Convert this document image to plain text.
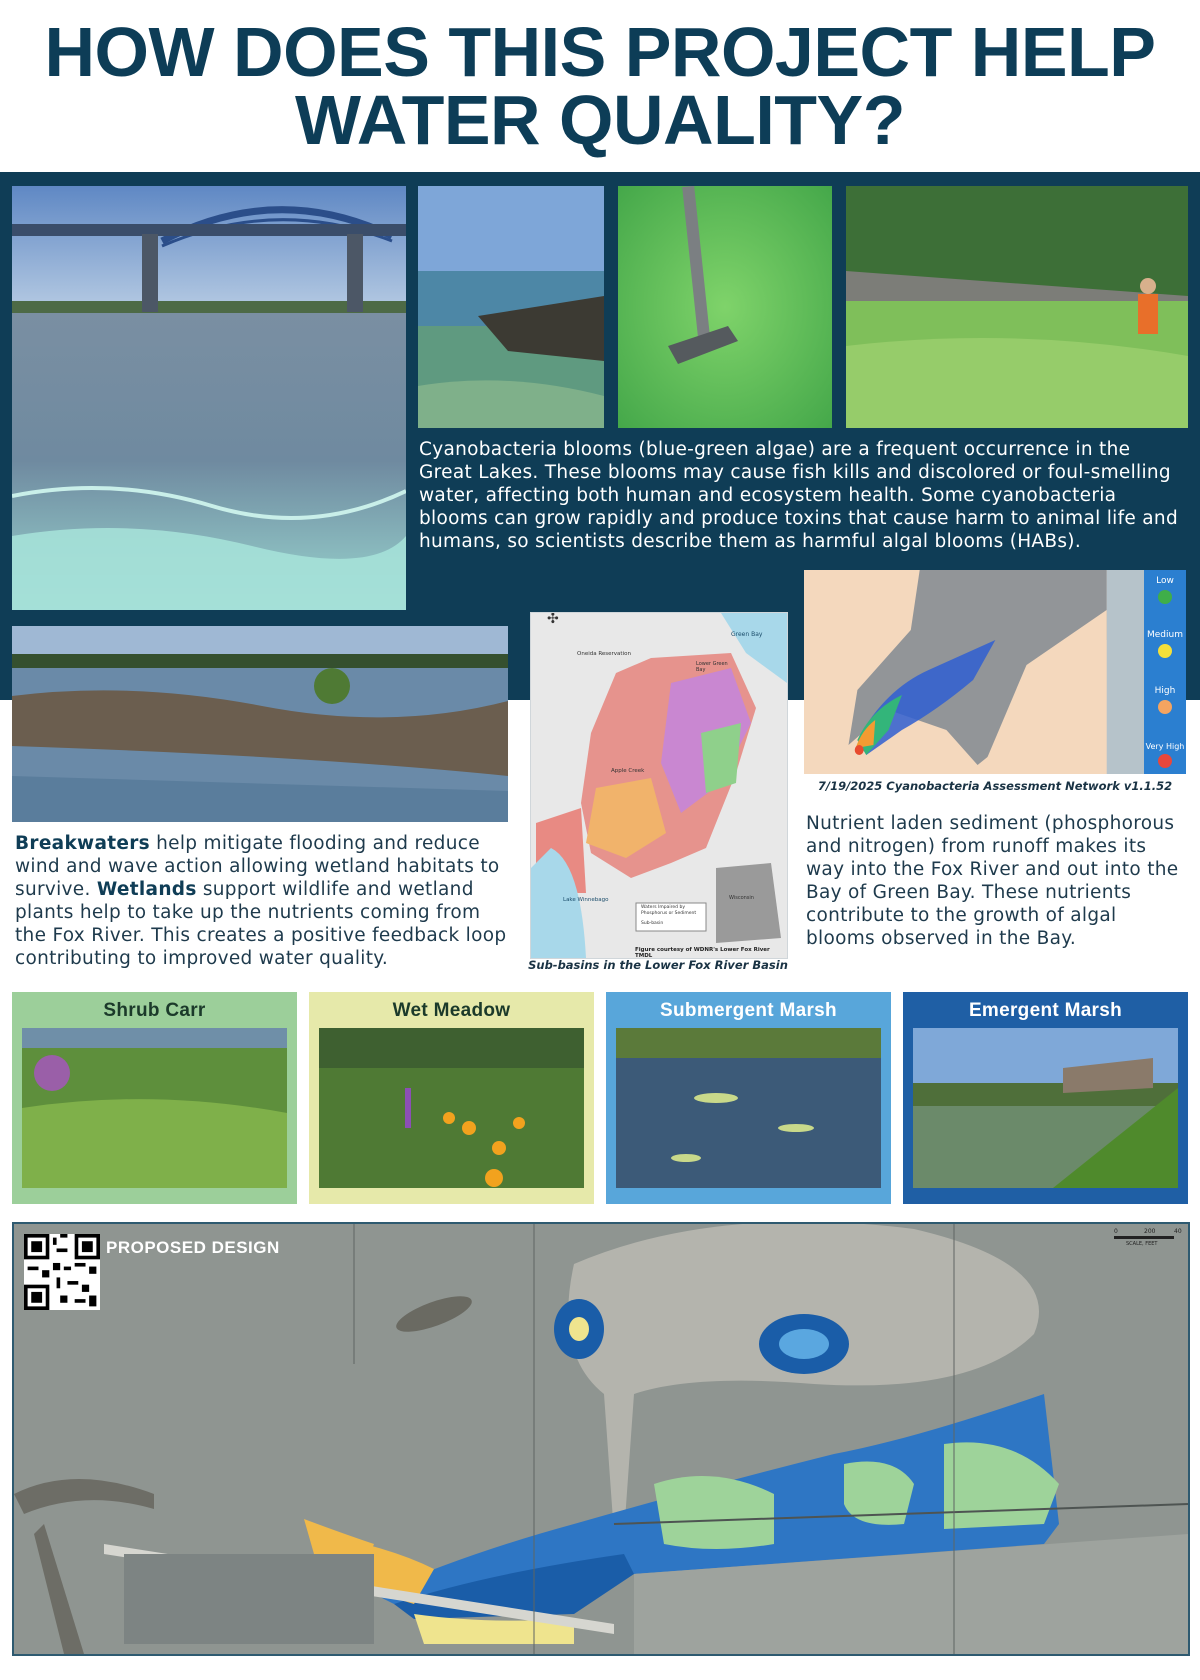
HOW DOES THIS PROJECT HELP
WATER QUALITY?
Cyanobacteria blooms (blue-green algae) are a frequent occurrence in the Great Lakes. These blooms may cause fish kills and discolored or foul-smelling water, affecting both human and ecosystem health. Some cyanobacteria blooms can grow rapidly and produce toxins that cause harm to animal life and humans, so scientists describe them as harmful algal blooms (HABs).
✣
Green Bay
Oneida Reservation
Lower Green Bay
Apple Creek
Lake Winnebago	Wisconsin
Waters Impaired by Phosphorus or Sediment
Sub-basin
Figure courtesy of WDNR's Lower Fox River TMDL
Sub-basins in the Lower Fox River Basin
Low
Medium
High
Very High
7/19/2025 Cyanobacteria Assessment Network v1.1.52
Breakwaters help mitigate flooding and reduce wind and wave action allowing wetland habitats to survive. Wetlands support wildlife and wetland plants help to take up the nutrients coming from the Fox River. This creates a positive feedback loop contributing to improved water quality.
Nutrient laden sediment (phosphorous and nitrogen) from runoff makes its way into the Fox River and out into the Bay of Green Bay. These nutrients contribute to the growth of algal blooms observed in the Bay.
Shrub Carr	Wet Meadow	Submergent Marsh	Emergent Marsh
PROPOSED DESIGN
0	200	40
SCALE, FEET
